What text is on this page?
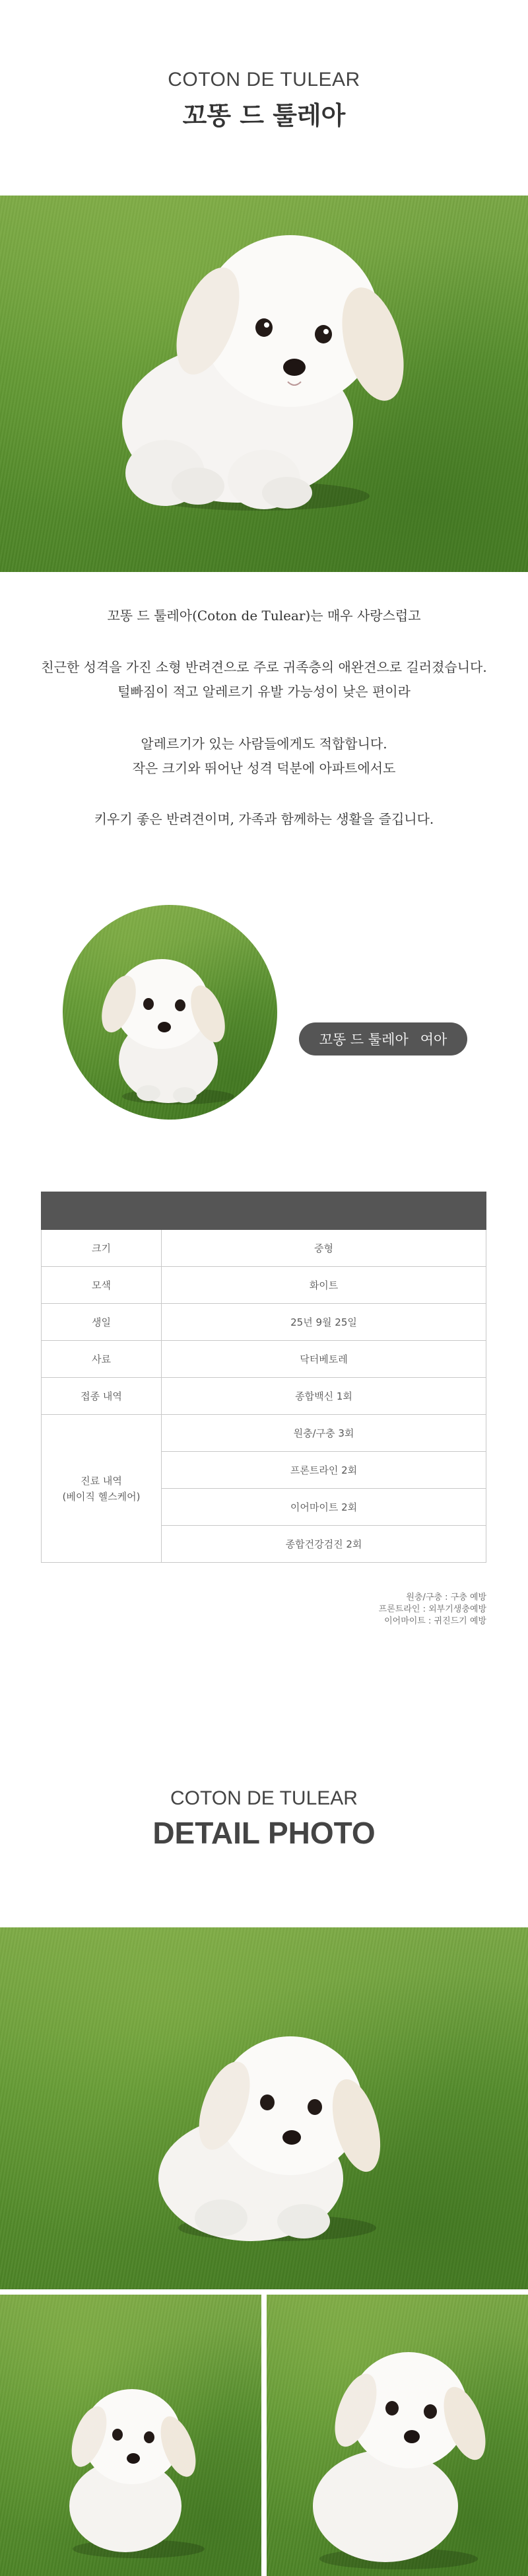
COTON DE TULEAR
꼬똥 드 툴레아
꼬똥 드 툴레아(Coton de Tulear)는 매우 사랑스럽고
친근한 성격을 가진 소형 반려견으로 주로 귀족층의 애완견으로 길러졌습니다.
털빠짐이 적고 알레르기 유발 가능성이 낮은 편이라
알레르기가 있는 사람들에게도 적합합니다.
작은 크기와 뛰어난 성격 덕분에 아파트에서도
키우기 좋은 반려견이며, 가족과 함께하는 생활을 즐깁니다.
꼬똥 드 툴레아 여아

크기	중형
모색	화이트
생일	25년 9월 25일
사료	닥터베토레
접종 내역	종합백신 1회
진료 내역
(베이직 헬스케어)	원충/구충 3회
	프론트라인 2회
	이어마이트 2회
	종합건강검진 2회
원충/구충 : 구충 예방
프론트라인 : 외부기생충예방
이어마이트 : 귀진드기 예방
COTON DE TULEAR
DETAIL PHOTO
